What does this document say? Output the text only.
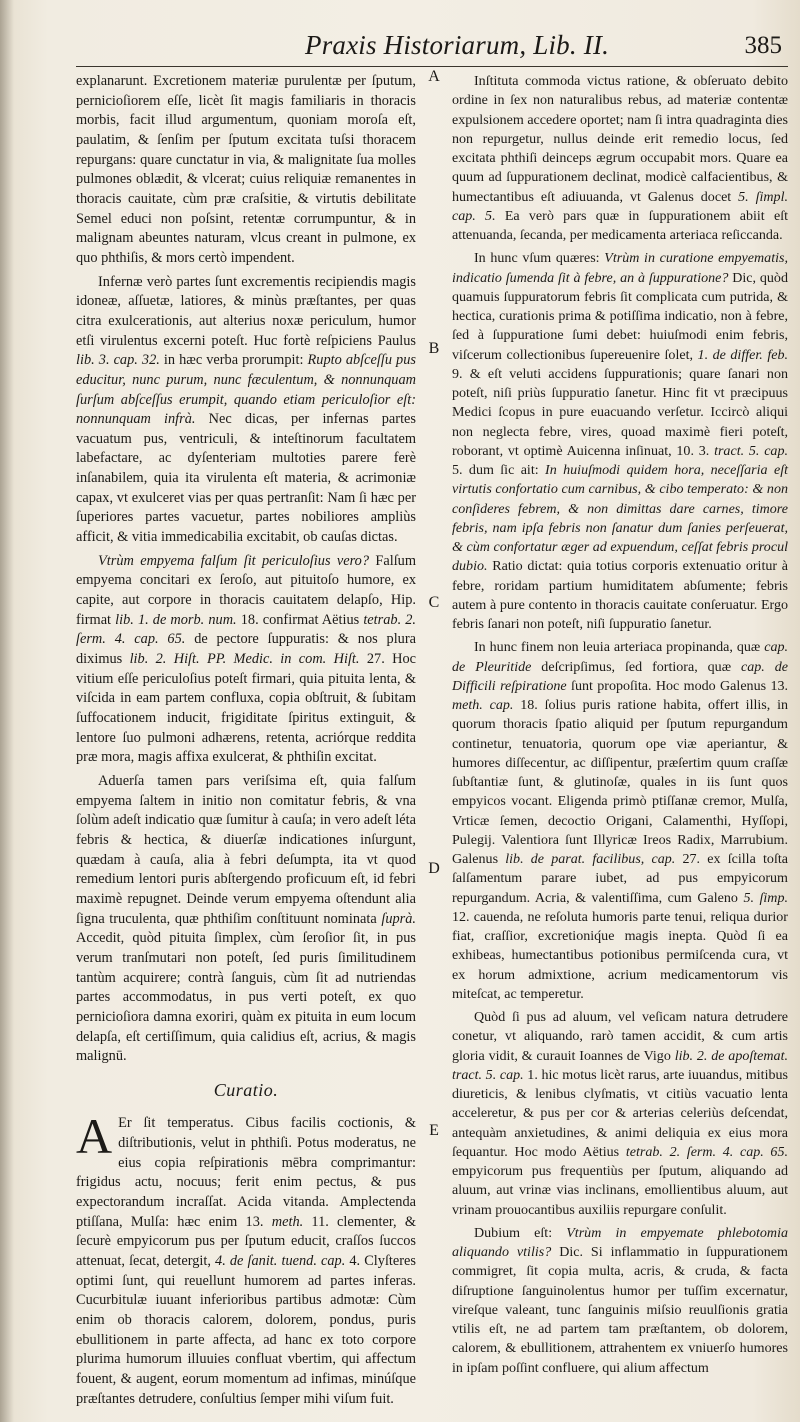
Praxis Historiarum, Lib. II.	385

explanarunt. Excretionem materiæ purulentæ per ſputum, pernicioſiorem eſſe, licèt ſit magis familiaris in thoracis morbis, facit illud argumentum, quoniam moroſa eſt, paulatim, & ſenſim per ſputum excitata tuſsi thoracem repurgans: quare cunctatur in via, & malignitate ſua molles pulmones oblædit, & vlcerat; cuius reliquiæ remanentes in thoracis cauitate, cùm præ craſsitie, & virtutis debilitate Semel educi non poſsint, retentæ corrumpuntur, & in malignam abeuntes naturam, vlcus creant in pulmone, ex quo phthiſis, & mors certò impendent.

Infernæ verò partes ſunt excrementis recipiendis magis idoneæ, aſſuetæ, latiores, & minùs præſtantes, per quas citra exulcerationis, aut alterius noxæ periculum, humor etſi virulentus excerni poteſt. Huc fortè reſpiciens Paulus lib. 3. cap. 32. in hæc verba prorumpit: Rupto abſceſſu pus educitur, nunc purum, nunc fæculentum, & nonnunquam ſurſum abſceſſus erumpit, quando etiam periculoſior eſt: nonnunquam infrà. Nec dicas, per infernas partes vacuatum pus, ventriculi, & inteſtinorum facultatem labefactare, ac dyſenteriam multoties parere ferè inſanabilem, quia ita virulenta eſt materia, & acrimoniæ capax, vt exulceret vias per quas pertranſit: Nam ſi hæc per ſuperiores partes vacuetur, partes nobiliores ampliùs afficit, & vitia immedicabilia excitabit, ob cauſas dictas.

Vtrùm empyema falſum ſit periculoſius vero? Falſum empyema concitari ex ſeroſo, aut pituitoſo humore, ex capite, aut corpore in thoracis cauitatem delapſo, Hip. firmat lib. 1. de morb. num. 18. confirmat Aëtius tetrab. 2. ſerm. 4. cap. 65. de pectore ſuppuratis: & nos plura diximus lib. 2. Hiſt. PP. Medic. in com. Hiſt. 27. Hoc vitium eſſe periculoſius poteſt firmari, quia pituita lenta, & viſcida in eam partem confluxa, copia obſtruit, & ſubitam ſuffocationem inducit, frigiditate ſpiritus extinguit, & lentore ſuo pulmoni adhærens, retenta, acriórque reddita præ mora, magis affixa exulcerat, & phthiſin excitat.

Aduerſa tamen pars veriſsima eſt, quia falſum empyema ſaltem in initio non comitatur febris, & vna ſolùm adeſt indicatio quæ ſumitur à cauſa; in vero adeſt léta febris & hectica, & diuerſæ indicationes inſurgunt, quædam à cauſa, alia à febri deſumpta, ita vt quod remedium lentori puris abſtergendo proficuum eſt, id febri maximè repugnet. Deinde verum empyema oſtendunt alia ſigna truculenta, quæ phthiſim conſtituunt nominata ſuprà. Accedit, quòd pituita ſimplex, cùm ſeroſior ſit, in pus verum tranſmutari non poteſt, ſed puris ſimilitudinem tantùm acquirere; contrà ſanguis, cùm ſit ad nutriendas partes accommodatus, in pus verti poteſt, ex quo pernicioſiora damna exoriri, quàm ex pituita in eum locum delapſa, eſt certiſſimum, quia calidius eſt, acrius, & magis malignū.

Curatio.

A Er ſit temperatus. Cibus facilis coctionis, & diſtributionis, velut in phthiſi. Potus moderatus, ne eius copia reſpirationis mēbra comprimantur: frigidus actu, nocuus; ferit enim pectus, & pus expectorandum incraſſat. Acida vitanda. Amplectenda ptiſſana, Mulſa: hæc enim 13. meth. 11. clementer, & ſecurè empyicorum pus per ſputum educit, craſſos ſuccos attenuat, ſecat, detergit, 4. de ſanit. tuend. cap. 4. Clyſteres optimi ſunt, qui reuellunt humorem ad partes inferas. Cucurbitulæ iuuant inferioribus partibus admotæ: Cùm enim ob thoracis calorem, dolorem, pondus, puris ebullitionem in parte affecta, ad hanc ex toto corpore plurima humorum illuuies confluat vbertim, qui affectum fouent, & augent, eorum momentum ad infimas, minúſque præſtantes detrudere, conſultius ſemper mihi viſum fuit.

A
B
C
D
E

Inſtituta commoda victus ratione, & obſeruato debito ordine in ſex non naturalibus rebus, ad materiæ contentæ expulsionem accedere oportet; nam ſi intra quadraginta dies non repurgetur, nullus deinde erit remedio locus, ſed excitata phthiſi deinceps ægrum occupabit mors. Quare ea quum ad ſuppurationem declinat, modicè calfacientibus, & humectantibus eſt adiuuanda, vt Galenus docet 5. ſimpl. cap. 5. Ea verò pars quæ in ſuppurationem abiit eſt attenuanda, ſecanda, per medicamenta arteriaca reſiccanda.

In hunc vſum quæres: Vtrùm in curatione empyematis, indicatio ſumenda ſit à febre, an à ſuppuratione? Dic, quòd quamuis ſuppuratorum febris ſit complicata cum putrida, & hectica, curationis prima & potiſſima indicatio, non à febre, ſed à ſuppuratione ſumi debet: huiuſmodi enim febris, viſcerum collectionibus ſupereuenire ſolet, 1. de differ. feb. 9. & eſt veluti accidens ſuppurationis; quare ſanari non poteſt, niſi priùs ſuppuratio ſanetur. Hinc fit vt præcipuus Medici ſcopus in pure euacuando verſetur. Iccircò aliqui non neglecta febre, vires, quoad maximè fieri poteſt, roborant, vt optimè Auicenna inſinuat, 10. 3. tract. 5. cap. 5. dum ſic ait: In huiuſmodi quidem hora, neceſſaria eſt virtutis confortatio cum carnibus, & cibo temperato: & non conſideres febrem, & non dimittas dare carnes, timore febris, nam ipſa febris non ſanatur dum ſanies perſeuerat, & cùm confortatur æger ad expuendum, ceſſat febris procul dubio. Ratio dictat: quia totius corporis extenuatio oritur à febre, roridam partium humiditatem abſumente; febris autem à pure contento in thoracis cauitate conſeruatur. Ergo febris ſanari non poteſt, niſi ſuppuratio ſanetur.

In hunc finem non leuia arteriaca propinanda, quæ cap. de Pleuritide deſcripſimus, ſed fortiora, quæ cap. de Difficili reſpiratione ſunt propoſita. Hoc modo Galenus 13. meth. cap. 18. ſolius puris ratione habita, offert illis, in quorum thoracis ſpatio aliquid per ſputum repurgandum continetur, tenuatoria, quorum ope viæ aperiantur, & humores diſſecentur, ac diſſipentur, præſertim quum craſſæ ſubſtantiæ ſunt, & glutinoſæ, quales in iis ſunt quos empyicos vocant. Eligenda primò ptiſſanæ cremor, Mulſa, Vrticæ ſemen, decoctio Origani, Calamenthi, Hyſſopi, Pulegij. Valentiora ſunt Illyricæ Ireos Radix, Marrubium. Galenus lib. de parat. facilibus, cap. 27. ex ſcilla toſta ſalſamentum parare iubet, ad pus empyicorum repurgandum. Acria, & valentiſſima, cum Galeno 5. ſimp. 12. cauenda, ne reſoluta humoris parte tenui, reliqua durior fiat, craſſior, excretioniq́ue magis inepta. Quòd ſi ea exhibeas, humectantibus potionibus permiſcenda cura, vt ex horum admixtione, acrium medicamentorum vis miteſcat, ac temperetur.

Quòd ſi pus ad aluum, vel veſicam natura detrudere conetur, vt aliquando, rarò tamen accidit, & cum artis gloria vidit, & curauit Ioannes de Vigo lib. 2. de apoſtemat. tract. 5. cap. 1. hic motus licèt rarus, arte iuuandus, mitibus diureticis, & lenibus clyſmatis, vt citiùs vacuatio lenta acceleretur, & pus per cor & arterias celeriùs deſcendat, antequàm anxietudines, & animi deliquia ex eius mora ſequantur. Hoc modo Aëtius tetrab. 2. ſerm. 4. cap. 65. empyicorum pus frequentiùs per ſputum, aliquando ad aluum, aut vrinæ vias inclinans, emollientibus aluum, aut vrinam prouocantibus auxiliis repurgare conſulit.

Dubium eſt: Vtrùm in empyemate phlebotomia aliquando vtilis? Dic. Si inflammatio in ſuppurationem commigret, ſit copia multa, acris, & cruda, & facta diſruptione ſanguinolentus humor per tuſſim excernatur, vireſque valeant, tunc ſanguinis miſsio reuulſionis gratia vtilis eſt, ne ad partem tam præſtantem, ob dolorem, calorem, & ebullitionem, attrahentem ex vniuerſo humores in ipſam poſſint confluere, qui alium affectum
